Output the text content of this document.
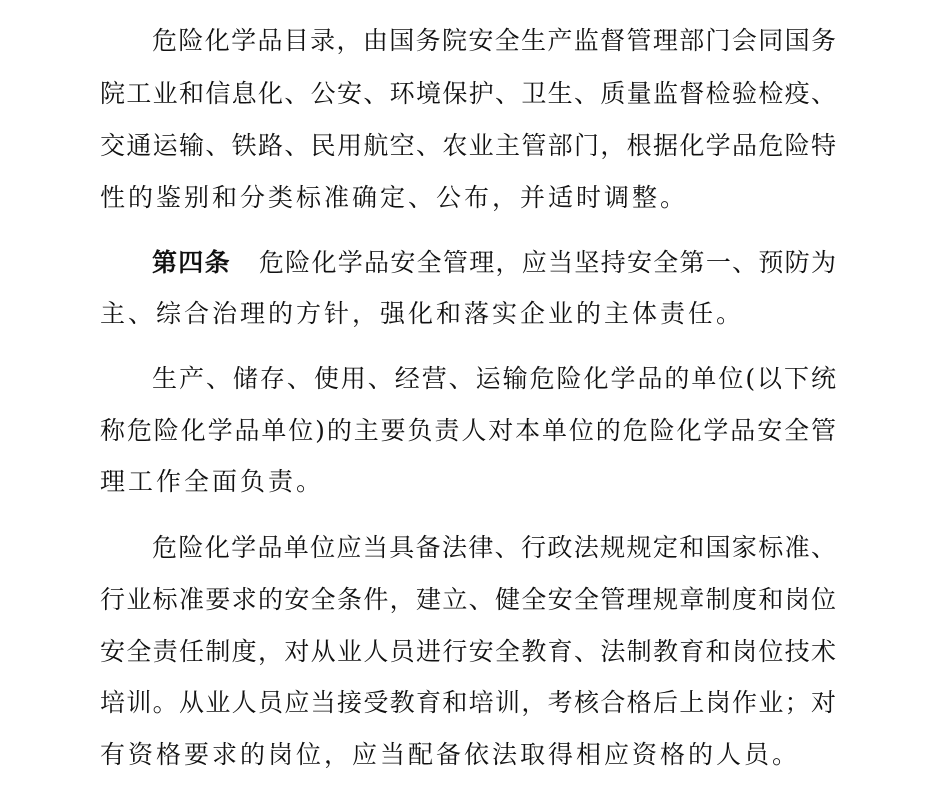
危险化学品目录，由国务院安全生产监督管理部门会同国务
院工业和信息化、公安、环境保护、卫生、质量监督检验检疫、
交通运输、铁路、民用航空、农业主管部门，根据化学品危险特
性的鉴别和分类标准确定、公布，并适时调整。
第四条 危险化学品安全管理，应当坚持安全第一、预防为
主、综合治理的方针，强化和落实企业的主体责任。
生产、储存、使用、经营、运输危险化学品的单位(以下统
称危险化学品单位)的主要负责人对本单位的危险化学品安全管
理工作全面负责。
危险化学品单位应当具备法律、行政法规规定和国家标准、
行业标准要求的安全条件，建立、健全安全管理规章制度和岗位
安全责任制度，对从业人员进行安全教育、法制教育和岗位技术
培训。从业人员应当接受教育和培训，考核合格后上岗作业；对
有资格要求的岗位，应当配备依法取得相应资格的人员。
